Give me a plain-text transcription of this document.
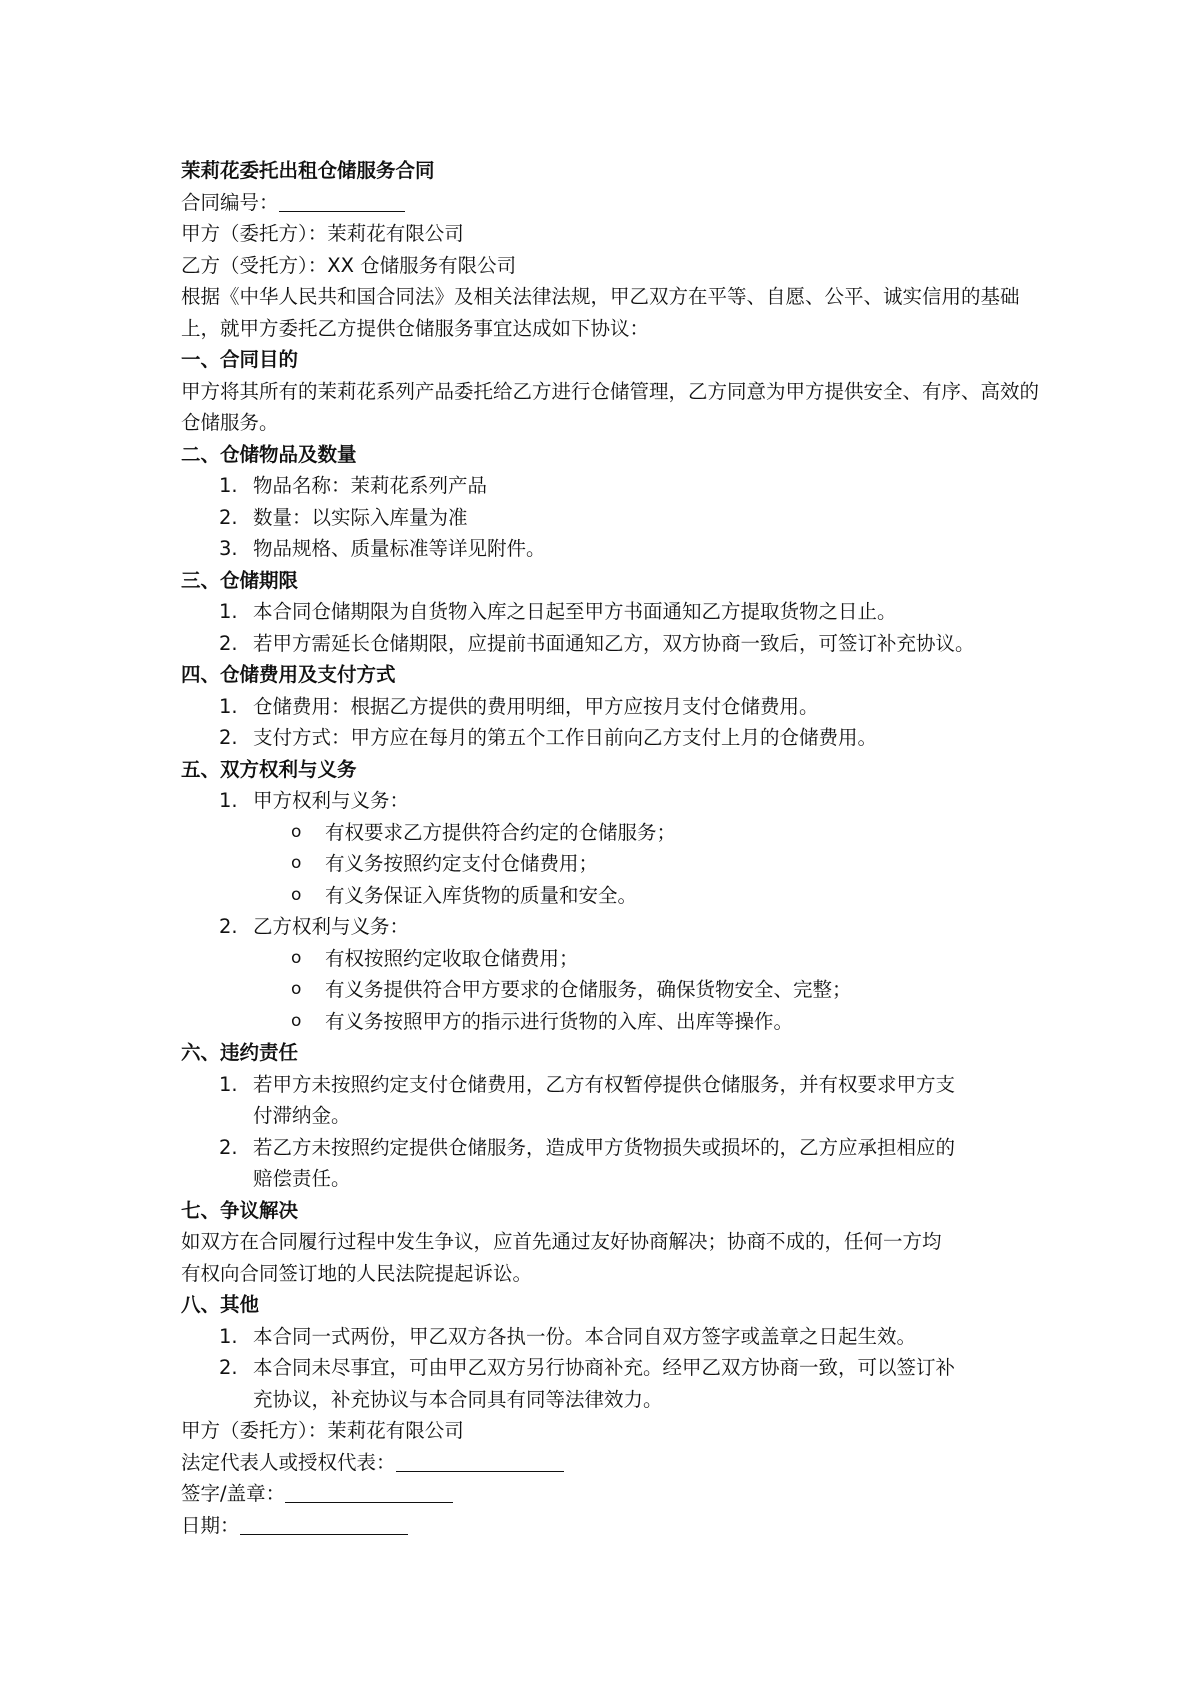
茉莉花委托出租仓储服务合同
合同编号：
甲方（委托方）：茉莉花有限公司
乙方（受托方）：XX 仓储服务有限公司
根据《中华人民共和国合同法》及相关法律法规，甲乙双方在平等、自愿、公平、诚实信用的基础上，就甲方委托乙方提供仓储服务事宜达成如下协议：
一、合同目的
甲方将其所有的茉莉花系列产品委托给乙方进行仓储管理，乙方同意为甲方提供安全、有序、高效的仓储服务。
二、仓储物品及数量
1. 物品名称：茉莉花系列产品
2. 数量：以实际入库量为准
3. 物品规格、质量标准等详见附件。
三、仓储期限
1. 本合同仓储期限为自货物入库之日起至甲方书面通知乙方提取货物之日止。
2. 若甲方需延长仓储期限，应提前书面通知乙方，双方协商一致后，可签订补充协议。
四、仓储费用及支付方式
1. 仓储费用：根据乙方提供的费用明细，甲方应按月支付仓储费用。
2. 支付方式：甲方应在每月的第五个工作日前向乙方支付上月的仓储费用。
五、双方权利与义务
1. 甲方权利与义务：
o 有权要求乙方提供符合约定的仓储服务；
o 有义务按照约定支付仓储费用；
o 有义务保证入库货物的质量和安全。
2. 乙方权利与义务：
o 有权按照约定收取仓储费用；
o 有义务提供符合甲方要求的仓储服务，确保货物安全、完整；
o 有义务按照甲方的指示进行货物的入库、出库等操作。
六、违约责任
1. 若甲方未按照约定支付仓储费用，乙方有权暂停提供仓储服务，并有权要求甲方支
付滞纳金。
2. 若乙方未按照约定提供仓储服务，造成甲方货物损失或损坏的，乙方应承担相应的
赔偿责任。
七、争议解决
如双方在合同履行过程中发生争议，应首先通过友好协商解决；协商不成的，任何一方均
有权向合同签订地的人民法院提起诉讼。
八、其他
1. 本合同一式两份，甲乙双方各执一份。本合同自双方签字或盖章之日起生效。
2. 本合同未尽事宜，可由甲乙双方另行协商补充。经甲乙双方协商一致，可以签订补
充协议，补充协议与本合同具有同等法律效力。
甲方（委托方）：茉莉花有限公司
法定代表人或授权代表：
签字/盖章：
日期：
